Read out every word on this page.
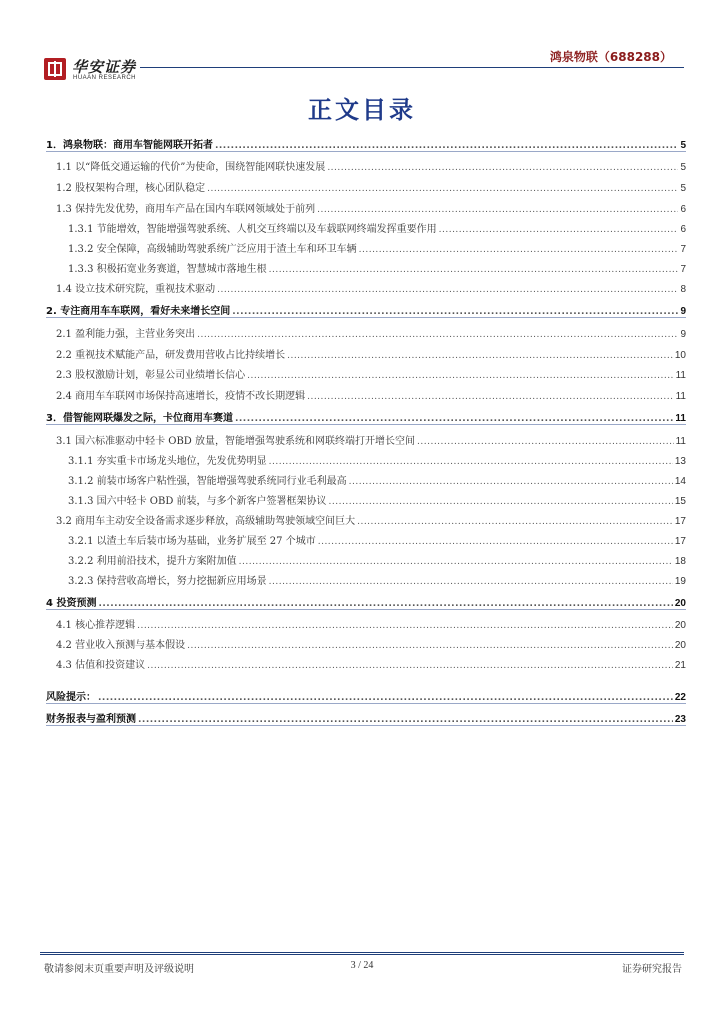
华安证券
HUAAN RESEARCH
鸿泉物联（688288）
正文目录
1．鸿泉物联：商用车智能网联开拓者 .....	5
1.1 以“降低交通运输的代价”为使命，围绕智能网联快速发展 .....	5
1.2 股权架构合理，核心团队稳定 .....	5
1.3 保持先发优势，商用车产品在国内车联网领域处于前列 .....	6
1.3.1 节能增效，智能增强驾驶系统、人机交互终端以及车载联网终端发挥重要作用 .....	6
1.3.2 安全保障，高级辅助驾驶系统广泛应用于渣土车和环卫车辆 .....	7
1.3.3 积极拓宽业务赛道，智慧城市落地生根 .....	7
1.4 设立技术研究院，重视技术驱动 .....	8
2. 专注商用车车联网，看好未来增长空间 .....	9
2.1 盈利能力强，主营业务突出 .....	9
2.2 重视技术赋能产品，研发费用营收占比持续增长 .....	10
2.3 股权激励计划，彰显公司业绩增长信心 .....	11
2.4 商用车车联网市场保持高速增长，疫情不改长期逻辑 .....	11
3．借智能网联爆发之际，卡位商用车赛道 .....	11
3.1 国六标准驱动中轻卡 OBD 放量，智能增强驾驶系统和网联终端打开增长空间 .....	11
3.1.1 夯实重卡市场龙头地位，先发优势明显 .....	13
3.1.2 前装市场客户粘性强，智能增强驾驶系统同行业毛利最高 .....	14
3.1.3 国六中轻卡 OBD 前装，与多个新客户签署框架协议 .....	15
3.2 商用车主动安全设备需求逐步释放，高级辅助驾驶领域空间巨大 .....	17
3.2.1 以渣土车后装市场为基础，业务扩展至 27 个城市 .....	17
3.2.2 利用前沿技术，提升方案附加值 .....	18
3.2.3 保持营收高增长，努力挖掘新应用场景 .....	19
4 投资预测 .....	20
4.1 核心推荐逻辑 .....	20
4.2 营业收入预测与基本假设 .....	20
4.3 估值和投资建议 .....	21
风险提示： .....	22
财务报表与盈利预测 .....	23
敬请参阅末页重要声明及评级说明	3 / 24	证券研究报告
